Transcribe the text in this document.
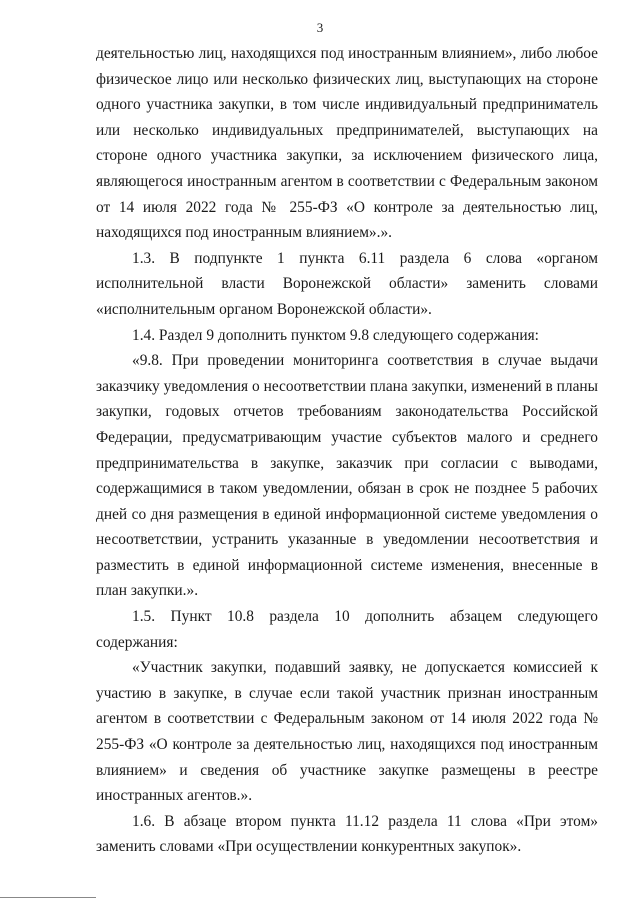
3

деятельностью лиц, находящихся под иностранным влиянием», либо любое физическое лицо или несколько физических лиц, выступающих на стороне одного участника закупки, в том числе индивидуальный предприниматель или несколько индивидуальных предпринимателей, выступающих на стороне одного участника закупки, за исключением физического лица, являющегося иностранным агентом в соответствии с Федеральным законом от 14 июля 2022 года № 255-ФЗ «О контроле за деятельностью лиц, находящихся под иностранным влиянием».».

1.3. В подпункте 1 пункта 6.11 раздела 6 слова «органом исполнительной власти Воронежской области» заменить словами «исполнительным органом Воронежской области».

1.4. Раздел 9 дополнить пунктом 9.8 следующего содержания:

«9.8. При проведении мониторинга соответствия в случае выдачи заказчику уведомления о несоответствии плана закупки, изменений в планы закупки, годовых отчетов требованиям законодательства Российской Федерации, предусматривающим участие субъектов малого и среднего предпринимательства в закупке, заказчик при согласии с выводами, содержащимися в таком уведомлении, обязан в срок не позднее 5 рабочих дней со дня размещения в единой информационной системе уведомления о несоответствии, устранить указанные в уведомлении несоответствия и разместить в единой информационной системе изменения, внесенные в план закупки.».

1.5. Пункт 10.8 раздела 10 дополнить абзацем следующего содержания:

«Участник закупки, подавший заявку, не допускается комиссией к участию в закупке, в случае если такой участник признан иностранным агентом в соответствии с Федеральным законом от 14 июля 2022 года № 255-ФЗ «О контроле за деятельностью лиц, находящихся под иностранным влиянием» и сведения об участнике закупке размещены в реестре иностранных агентов.».

1.6. В абзаце втором пункта 11.12 раздела 11 слова «При этом» заменить словами «При осуществлении конкурентных закупок».
